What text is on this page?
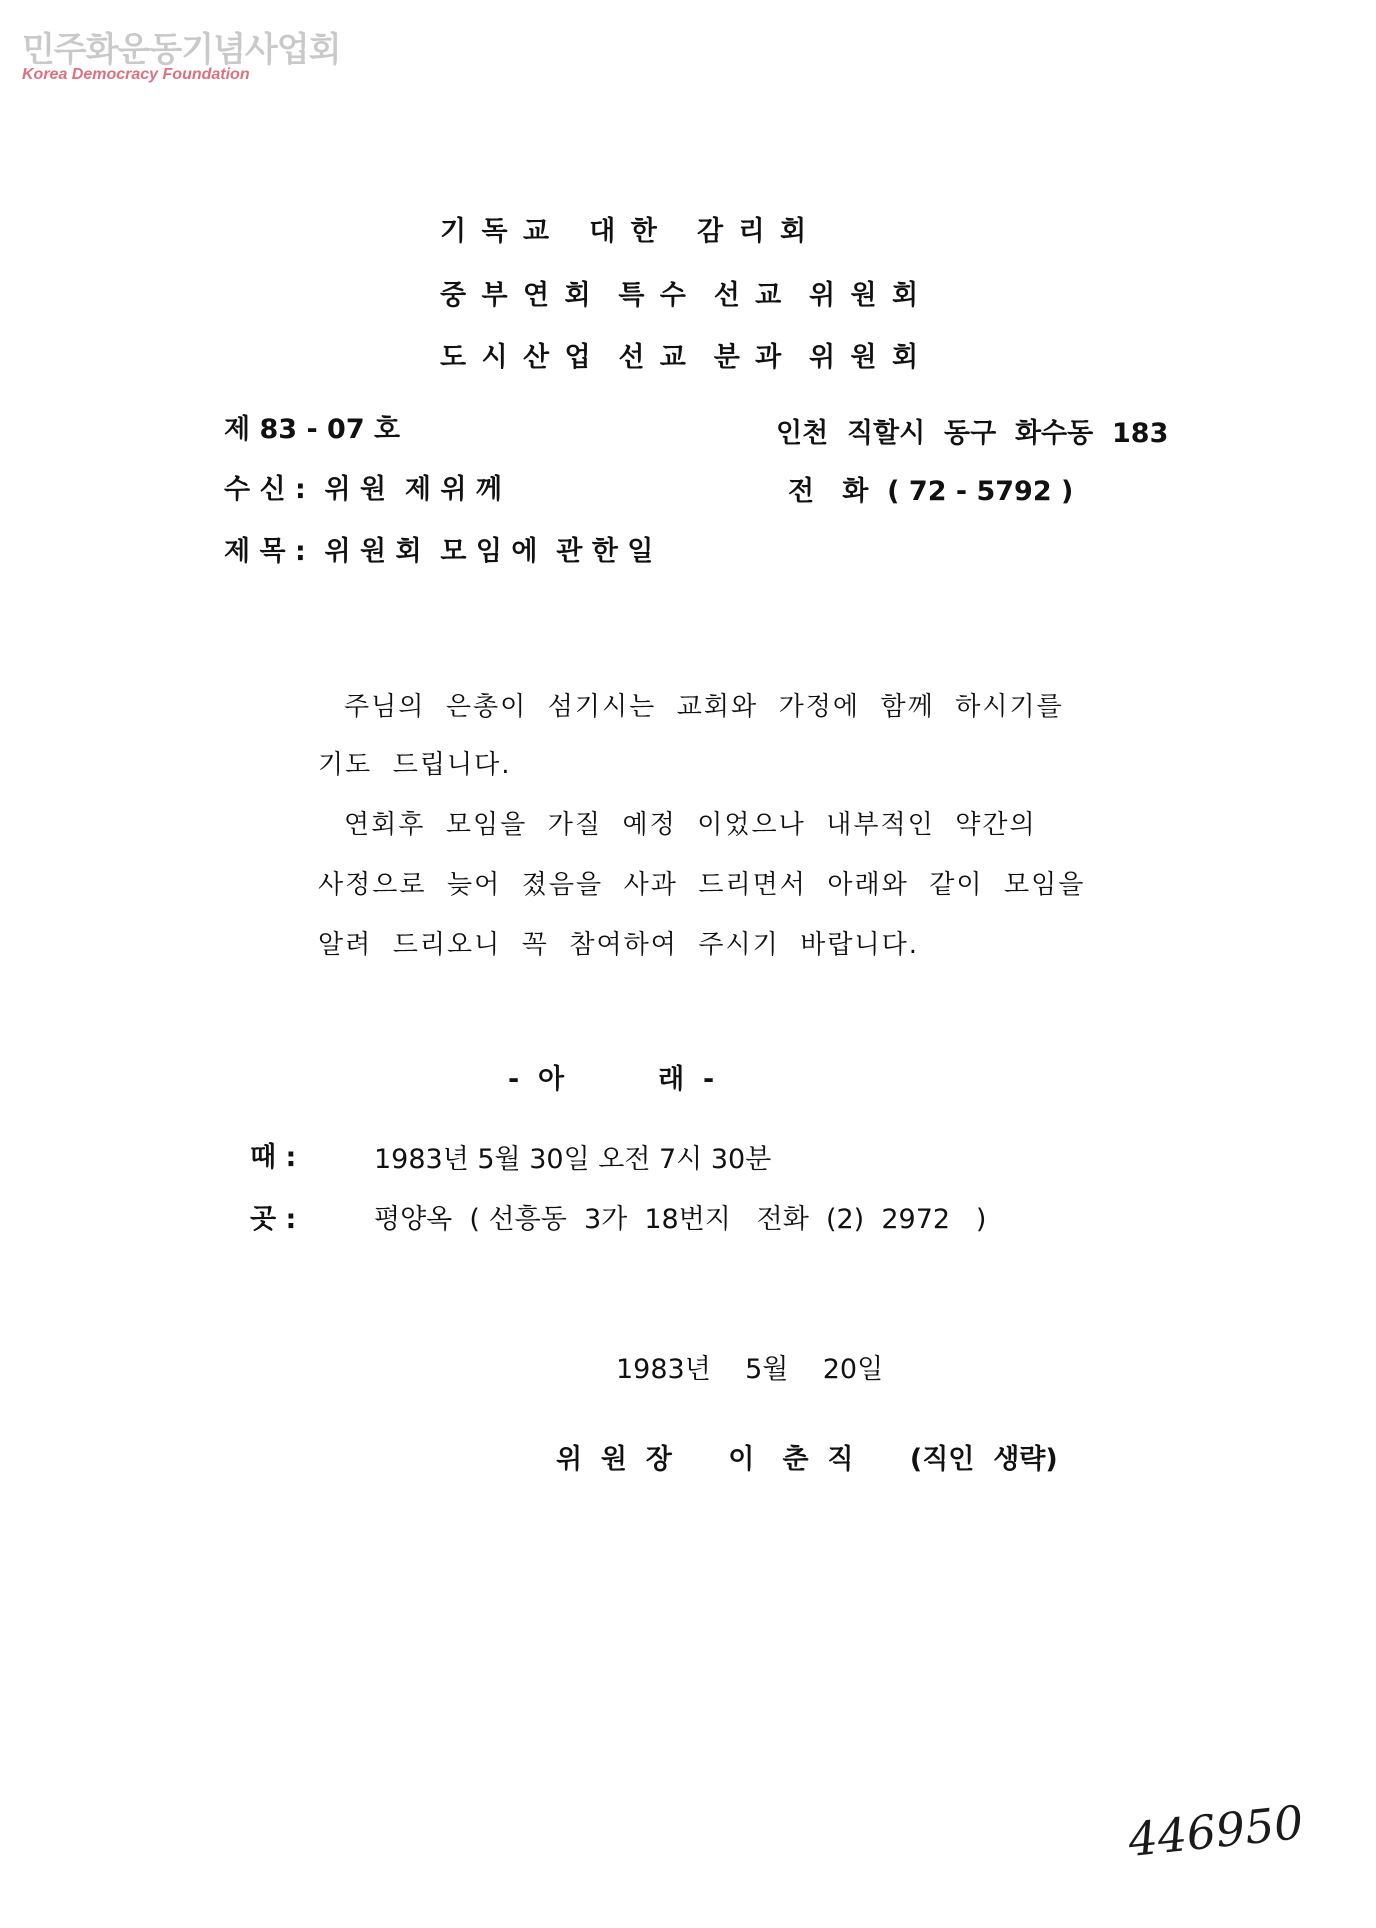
민주화운동기념사업회
Korea Democracy Foundation
기 독 교   대 한   감 리 회
중 부 연 회  특 수  선 교  위 원 회
도 시 산 업  선 교  분 과  위 원 회
제 83 - 07 호
수 신 :  위 원  제 위 께
제 목 :  위 원 회  모 임 에  관 한 일
인천  직할시  동구  화수동  183
전   화  ( 72 - 5792 )
주님의  은총이  섬기시는  교회와  가정에  함께  하시기를
기도  드립니다.
연회후  모임을  가질  예정  이었으나  내부적인  약간의
사정으로  늦어  졌음을  사과  드리면서  아래와  같이  모임을
알려  드리오니  꼭  참여하여  주시기  바랍니다.
-  아          래  -
때 :	1983년 5월 30일 오전 7시 30분
곳 :	평양옥  ( 선흥동  3가  18번지   전화  (2)  2972   )
1983년    5월    20일
위  원  장      이   춘  직      (직인  생략)
446950
